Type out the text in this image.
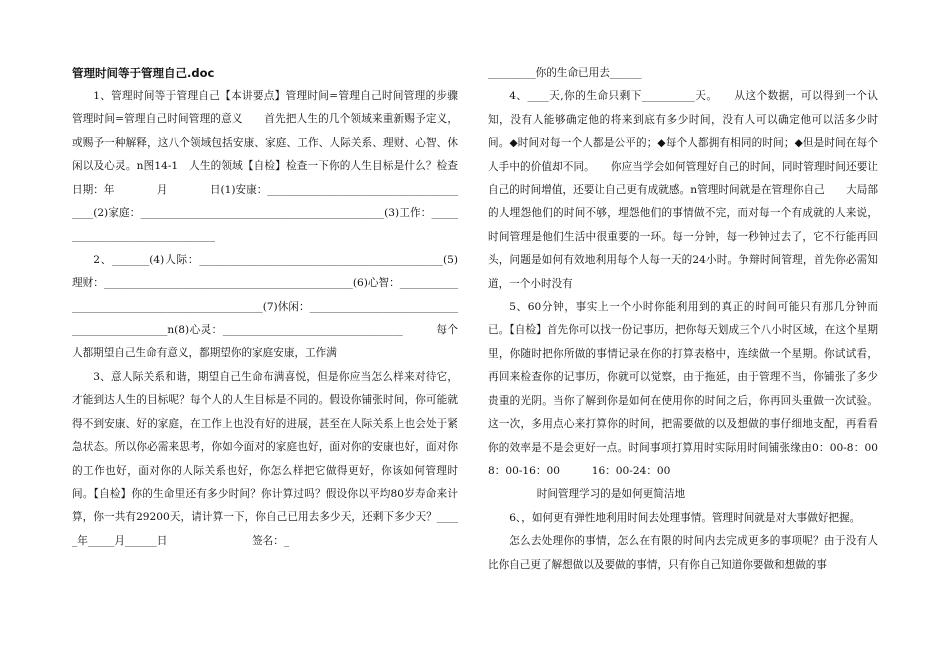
管理时间等于管理自己.doc

1、管理时间等于管理自己【本讲要点】管理时间=管理自己时间管理的步骤管理时间=管理自己时间管理的意义　　首先把人生的几个领域来重新赐予定义，或赐予一种解释，这八个领域包括安康、家庭、工作、人际关系、理财、心智、休闲以及心灵。n图14-1　人生的领域【自检】检查一下你的人生目标是什么？检查日期：年　　　　月　　　　日(1)安康：________________________________________(2)家庭：______________________________________________(3)工作：________________________________

2、_______(4)人际：______________________________________________(5)理财：_______________________________________________(6)心智：_______________________________________________(7)休闲：______________________________________________n(8)心灵：__________________________________　　　每个人都期望自己生命有意义，都期望你的家庭安康，工作满

3、意人际关系和谐，期望自己生命布满喜悦，但是你应当怎么样来对待它，才能到达人生的目标呢？每个人的人生目标是不同的。假设你铺张时间，你可能就得不到安康、好的家庭，在工作上也没有好的进展，甚至在人际关系上也会处于紧急状态。所以你必需来思考，你如今面对的家庭也好，面对你的安康也好，面对你的工作也好，面对你的人际关系也好，你怎么样把它做得更好，你该如何管理时间。【自检】你的生命里还有多少时间？你计算过吗？假设你以平均80岁寿命来计算，你一共有29200天，请计算一下，你自己已用去多少天，还剩下多少天？_____年_____月______日　　　　　　　　签名：_

_________你的生命已用去______

4、____天,你的生命只剩下__________天。　　从这个数据，可以得到一个认知，没有人能够确定他的将来到底有多少时间，没有人可以确定他可以活多少时间。◆时间对每一个人都是公平的；◆每个人都拥有相同的时间；◆但是时间在每个人手中的价值却不同。　　你应当学会如何管理好自己的时间，同时管理时间还要让自己的时间增值，还要让自己更有成就感。n管理时间就是在管理你自己　　大局部的人埋怨他们的时间不够，埋怨他们的事情做不完，而对每一个有成就的人来说，时间管理是他们生活中很重要的一环。每一分钟，每一秒钟过去了，它不行能再回头，问题是如何有效地利用每个人每一天的24小时。争辩时间管理，首先你必需知道，一个小时没有

5、60分钟，事实上一个小时你能利用到的真正的时间可能只有那几分钟而已。【自检】首先你可以找一份记事历，把你每天划成三个八小时区域，在这个星期里，你随时把你所做的事情记录在你的打算表格中，连续做一个星期。你试试看，再回来检查你的记事历，你就可以觉察，由于拖延，由于管理不当，你铺张了多少贵重的光阴。当你了解到你是如何在使用你的时间之后，你再回头重做一次试验。这一次，多用点心来打算你的时间，把需要做的以及想做的事仔细地支配，再看看你的效率是不是会更好一点。时间事项打算用时实际用时间铺张缘由0：00-8：00　　　8：00-16：00　　　16：00-24：00

时间管理学习的是如何更简洁地

6、，如何更有弹性地利用时间去处理事情。管理时间就是对大事做好把握。

怎么去处理你的事情，怎么在有限的时间内去完成更多的事项呢？由于没有人比你自己更了解想做以及要做的事情，只有你自己知道你要做和想做的事
